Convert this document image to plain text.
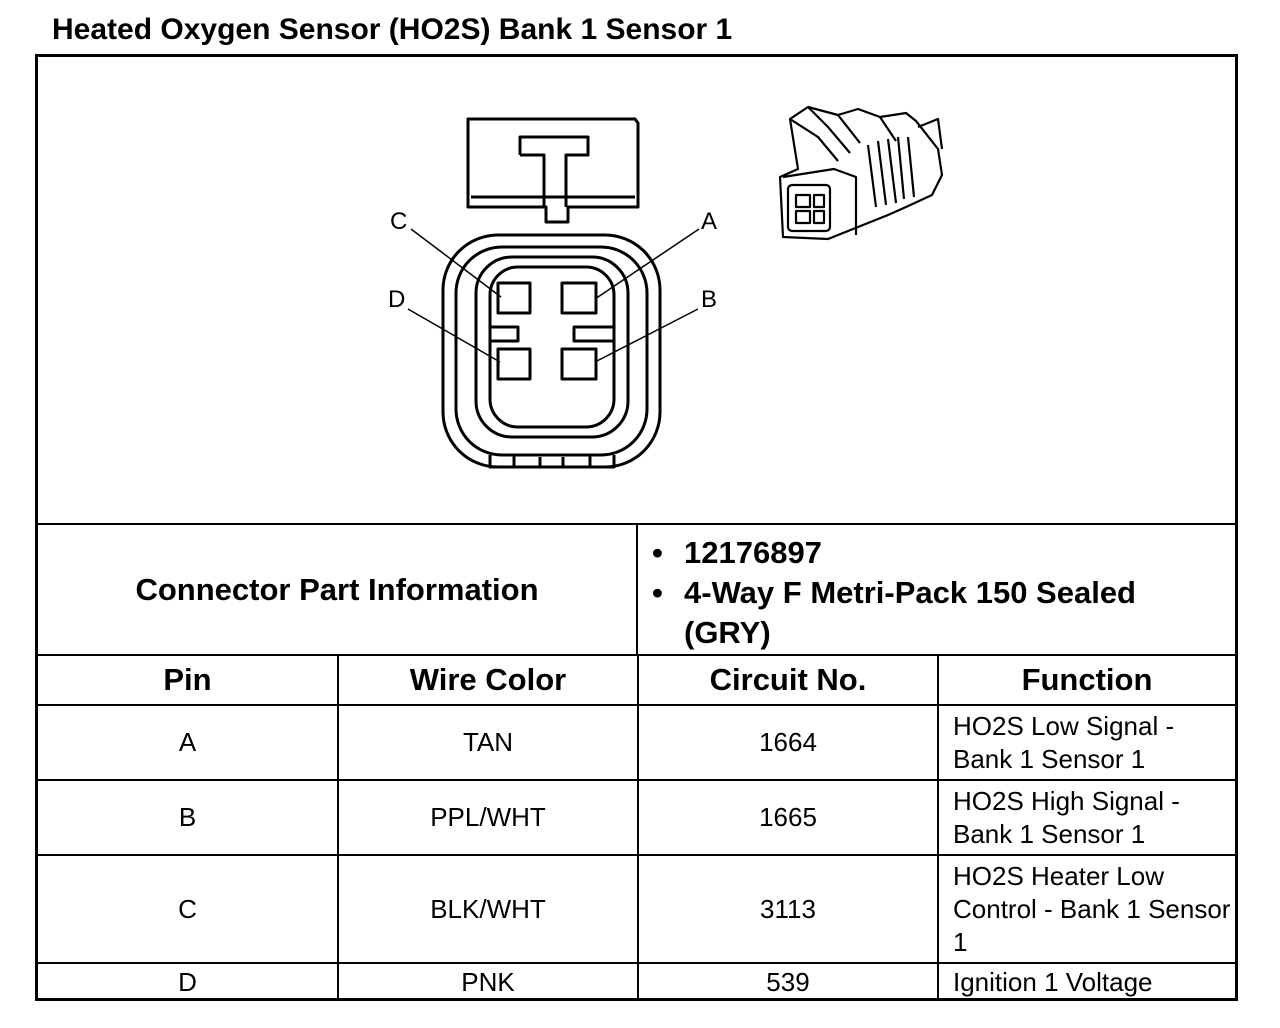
Heated Oxygen Sensor (HO2S) Bank 1 Sensor 1
C	A
D	B
Connector Part Information
• 12176897
• 4-Way F Metri-Pack 150 Sealed (GRY)
Pin	Wire Color	Circuit No.	Function
A	TAN	1664	HO2S Low Signal - Bank 1 Sensor 1
B	PPL/WHT	1665	HO2S High Signal - Bank 1 Sensor 1
C	BLK/WHT	3113	HO2S Heater Low Control - Bank 1 Sensor 1
D	PNK	539	Ignition 1 Voltage
